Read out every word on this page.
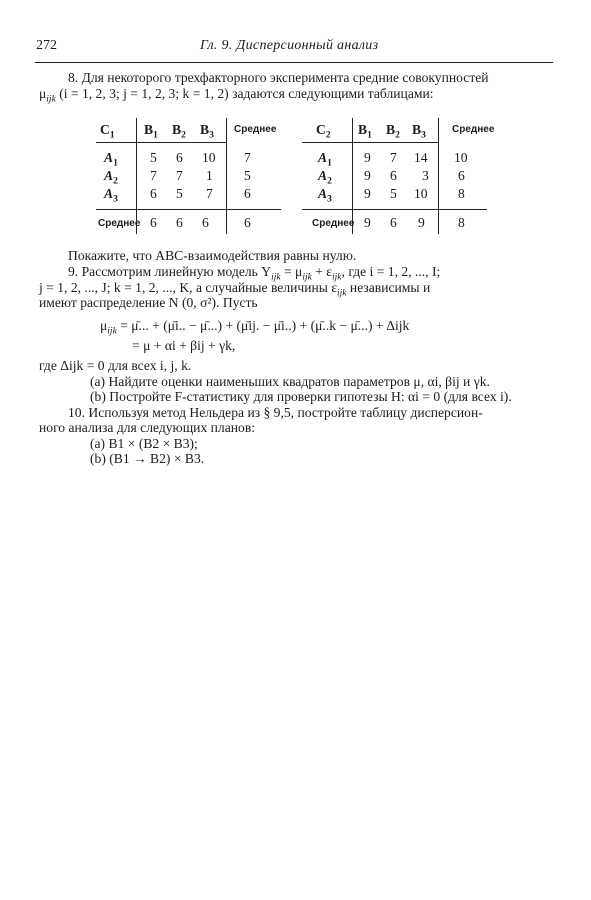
272	Гл. 9. Дисперсионный анализ
8. Для некоторого трехфакторного эксперимента средние совокупностей
$\mu_{ijk}$ (i = 1, 2, 3; j = 1, 2, 3; k = 1, 2) задаются следующими таблицами:
$C_1$ $B_1$ $B_2$ $B_3$
Среднее
$A_1$ 5 6 10 7
$A_2$ 7 7 1 5
$A_3$ 6 5 7 6
Среднее 6 6 6	6
$C_2$ $B_1$ $B_2$ $B_3$
Среднее
$A_1$ 9 7 14 10
$A_2$ 9 6 3 6
$A_3$ 9 5 10 8
Среднее 9 6 9 8
Покажите, что ABC-взаимодействия равны нулю.
9. Рассмотрим линейную модель $Y_{ijk} = \mu_{ijk} + \varepsilon_{ijk}$, где i = 1, 2, ..., I;
j = 1, 2, ..., J; k = 1, 2, ..., K, а случайные величины $\varepsilon_{ijk}$ независимы и
имеют распределение N (0, σ²). Пусть
$\mu_{ijk}$ = μ̄... + (μ̄i.. − μ̄...) + (μ̄ij. − μ̄i..) + (μ̄..k − μ̄...) + Δijk
= μ + αi + βij + γk,
где Δijk = 0 для всех i, j, k.
(a) Найдите оценки наименьших квадратов параметров μ, αi, βij и γk.
(b) Постройте F-статистику для проверки гипотезы H: αi = 0 (для всех i).
10. Используя метод Нельдера из § 9,5, постройте таблицу дисперсион-
ного анализа для следующих планов:
(a) B1 × (B2 × B3);
(b) (B1 → B2) × B3.
